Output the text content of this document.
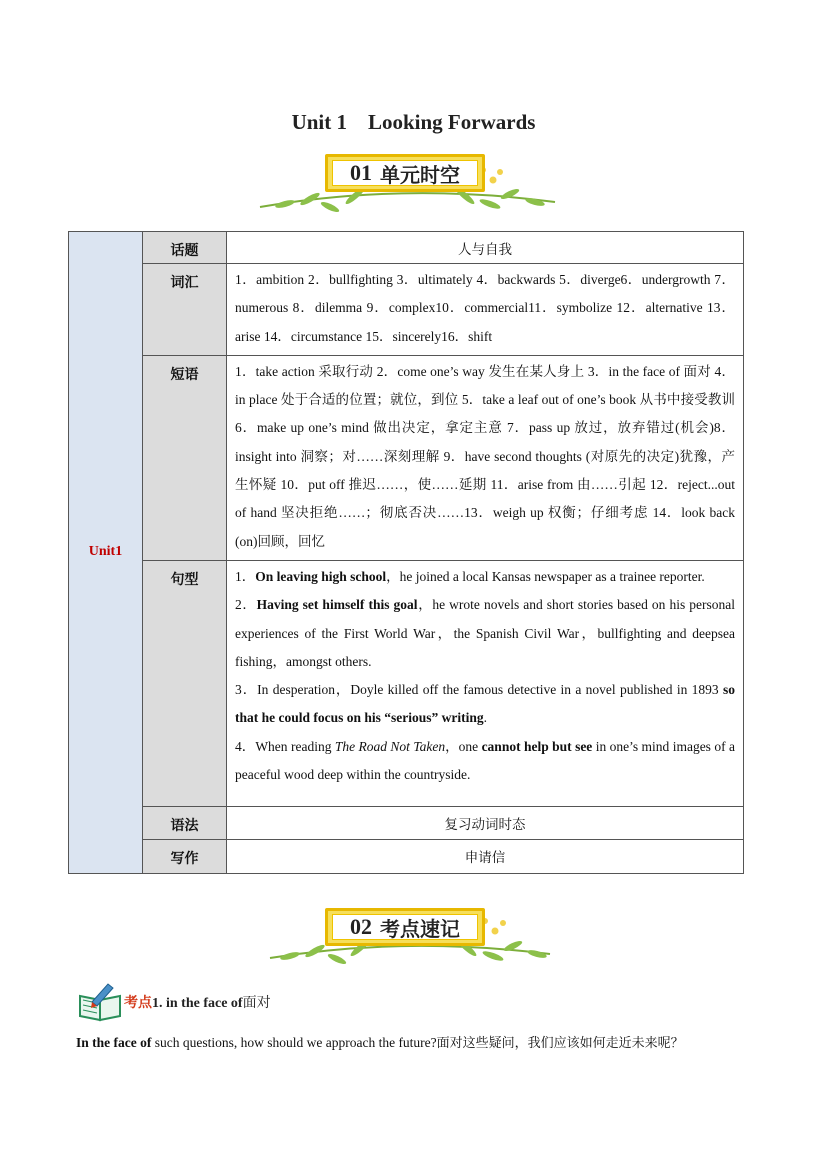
Unit 1    Looking Forwards
01 单元时空
Unit1	话题	人与自我
	词汇	1．ambition 2．bullfighting 3．ultimately 4．backwards 5．diverge6．undergrowth 7．numerous 8．dilemma 9．complex10．commercial11．symbolize 12．alternative 13．arise 14．circumstance 15．sincerely16．shift
	短语	1．take action 采取行动 2．come one’s way 发生在某人身上 3．in the face of 面对 4．in place 处于合适的位置；就位，到位 5．take a leaf out of one’s book 从书中接受教训 6．make up one’s mind 做出决定，拿定主意 7．pass up 放过，放弃错过(机会)8．insight into 洞察；对……深刻理解 9．have second thoughts (对原先的决定)犹豫，产生怀疑 10．put off 推迟……，使……延期 11．arise from 由……引起 12．reject...out of hand 坚决拒绝……；彻底否决……13．weigh up 权衡；仔细考虑 14．look back (on)回顾，回忆
	句型	1．On leaving high school，he joined a local Kansas newspaper as a trainee reporter.

2．Having set himself this goal，he wrote novels and short stories based on his personal experiences of the First World War，the Spanish Civil War，bullfighting and deepsea fishing，amongst others.

3．In desperation，Doyle killed off the famous detective in a novel published in 1893 so that he could focus on his “serious” writing.

4．When reading The Road Not Taken，one cannot help but see in one’s mind images of a peaceful wood deep within the countryside.

	语法	复习动词时态
	写作	申请信
02 考点速记
考点1. in the face of面对
In the face of such questions, how should we approach the future?面对这些疑问，我们应该如何走近未来呢？
